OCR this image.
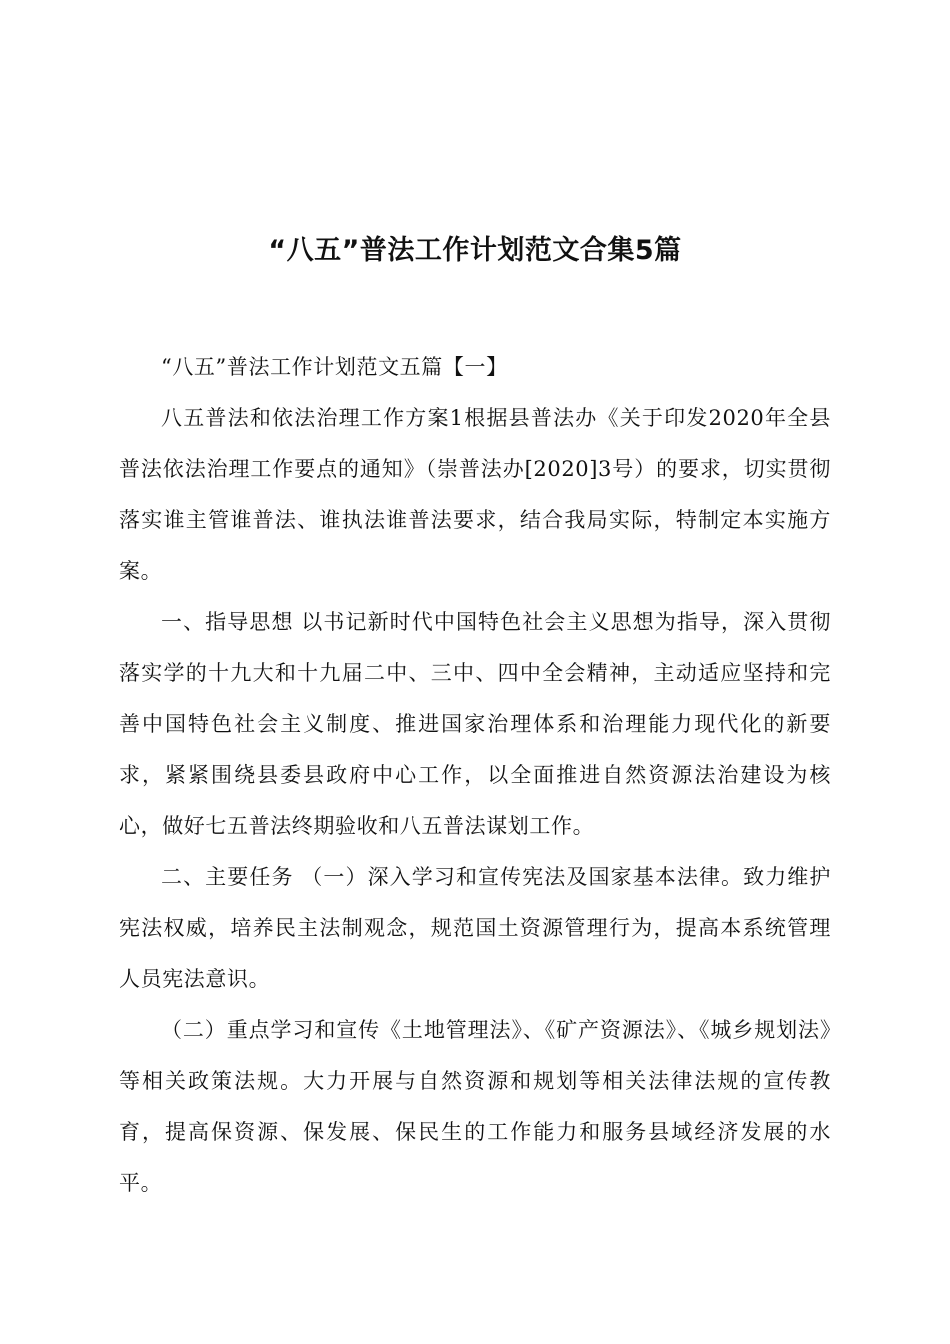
“八五”普法工作计划范文合集5篇

“八五”普法工作计划范文五篇【一】

八五普法和依法治理工作方案1根据县普法办《关于印发2020年全县普法依法治理工作要点的通知》（崇普法办[2020]3号）的要求，切实贯彻落实谁主管谁普法、谁执法谁普法要求，结合我局实际，特制定本实施方案。

一、指导思想 以书记新时代中国特色社会主义思想为指导，深入贯彻落实学的十九大和十九届二中、三中、四中全会精神，主动适应坚持和完善中国特色社会主义制度、推进国家治理体系和治理能力现代化的新要求，紧紧围绕县委县政府中心工作，以全面推进自然资源法治建设为核心，做好七五普法终期验收和八五普法谋划工作。

二、主要任务 （一）深入学习和宣传宪法及国家基本法律。致力维护宪法权威，培养民主法制观念，规范国土资源管理行为，提高本系统管理人员宪法意识。

（二）重点学习和宣传《土地管理法》、《矿产资源法》、《城乡规划法》等相关政策法规。大力开展与自然资源和规划等相关法律法规的宣传教育，提高保资源、保发展、保民生的工作能力和服务县域经济发展的水平。
